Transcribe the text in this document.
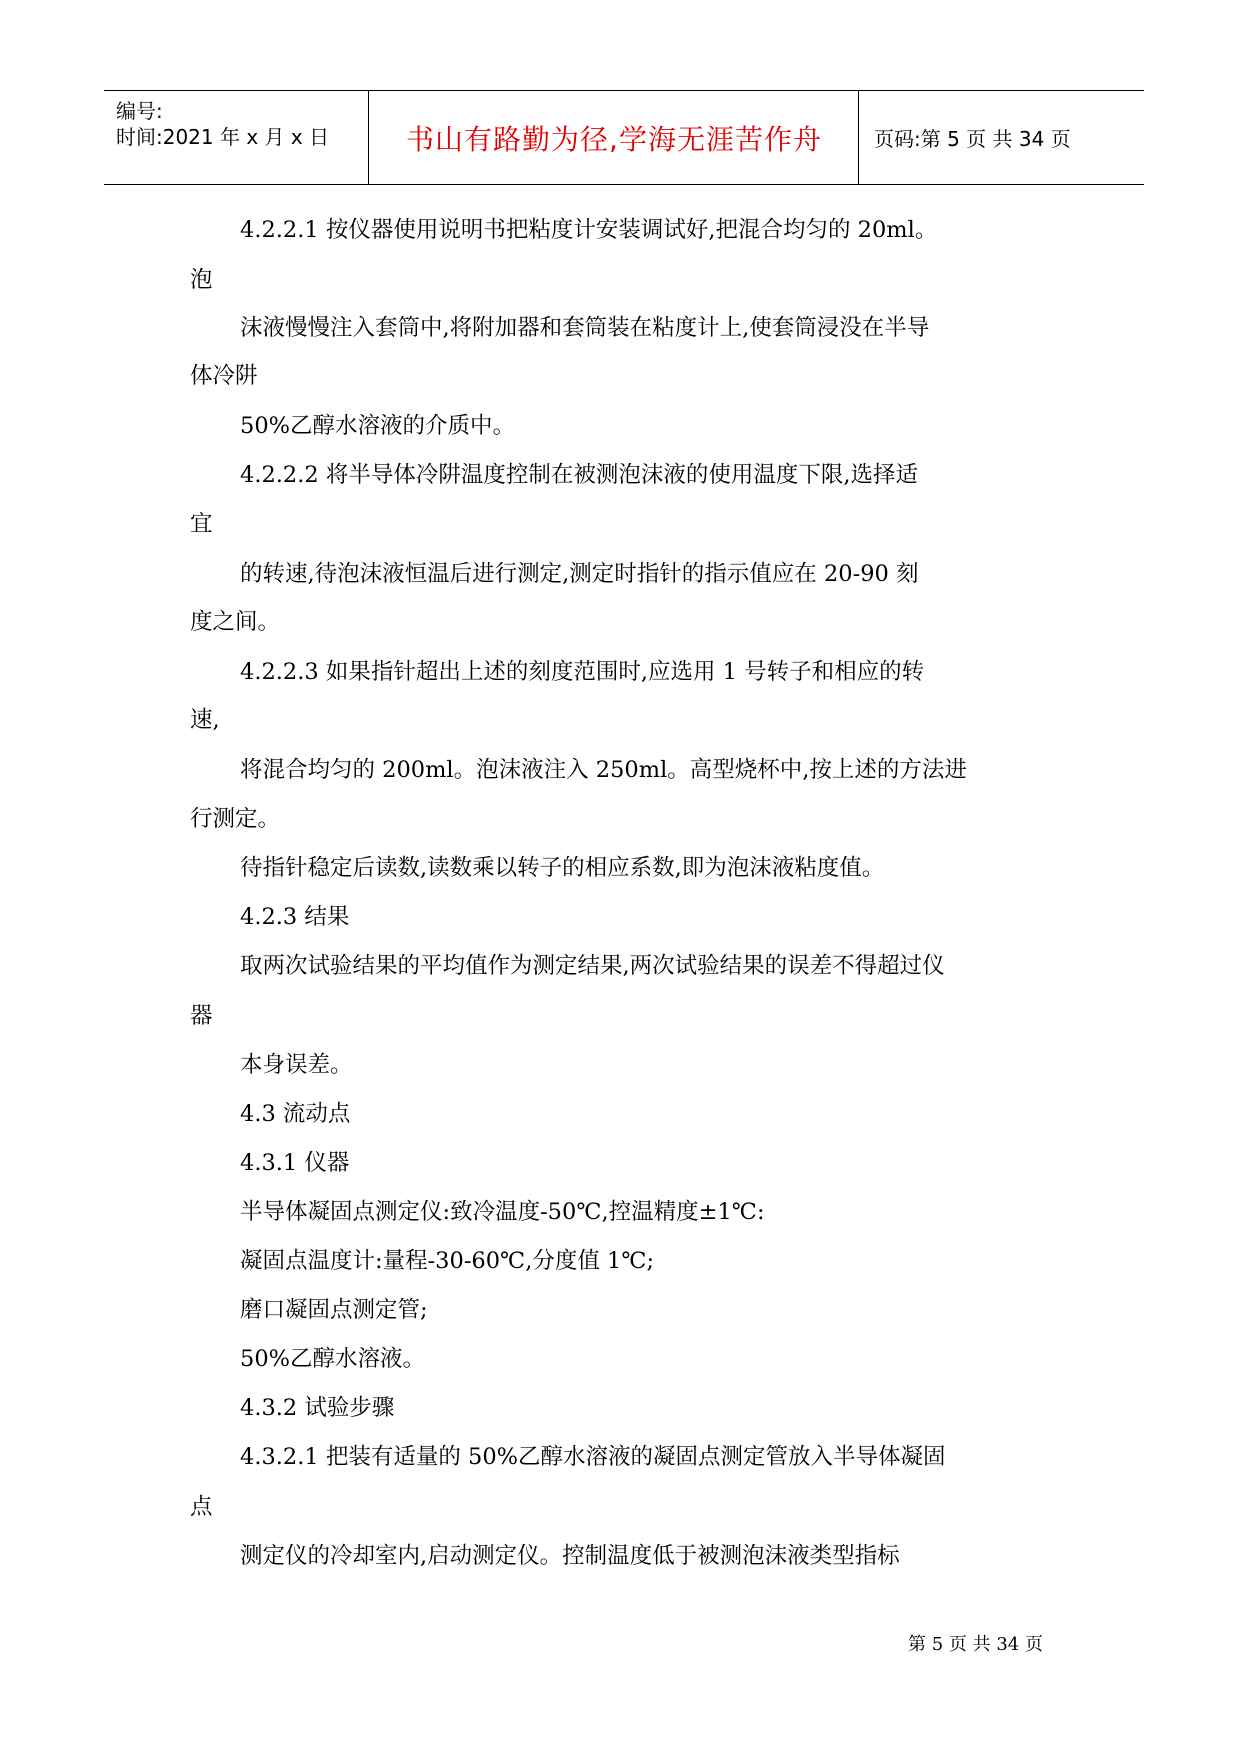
编号:
时间:2021 年 x 月 x 日	书山有路勤为径,学海无涯苦作舟	页码:第 5 页 共 34 页
4.2.2.1 按仪器使用说明书把粘度计安装调试好,把混合均匀的 20ml。
泡
沫液慢慢注入套筒中,将附加器和套筒装在粘度计上,使套筒浸没在半导
体冷阱
50%乙醇水溶液的介质中。
4.2.2.2 将半导体冷阱温度控制在被测泡沫液的使用温度下限,选择适
宜
的转速,待泡沫液恒温后进行测定,测定时指针的指示值应在 20-90 刻
度之间。
4.2.2.3 如果指针超出上述的刻度范围时,应选用 1 号转子和相应的转
速,
将混合均匀的 200ml。泡沫液注入 250ml。高型烧杯中,按上述的方法进
行测定。
待指针稳定后读数,读数乘以转子的相应系数,即为泡沫液粘度值。
4.2.3 结果
取两次试验结果的平均值作为测定结果,两次试验结果的误差不得超过仪
器
本身误差。
4.3 流动点
4.3.1 仪器
半导体凝固点测定仪:致冷温度-50℃,控温精度±1℃:
凝固点温度计:量程-30-60℃,分度值 1℃;
磨口凝固点测定管;
50%乙醇水溶液。
4.3.2 试验步骤
4.3.2.1 把装有适量的 50%乙醇水溶液的凝固点测定管放入半导体凝固
点
测定仪的冷却室内,启动测定仪。控制温度低于被测泡沫液类型指标
第 5 页 共 34 页
